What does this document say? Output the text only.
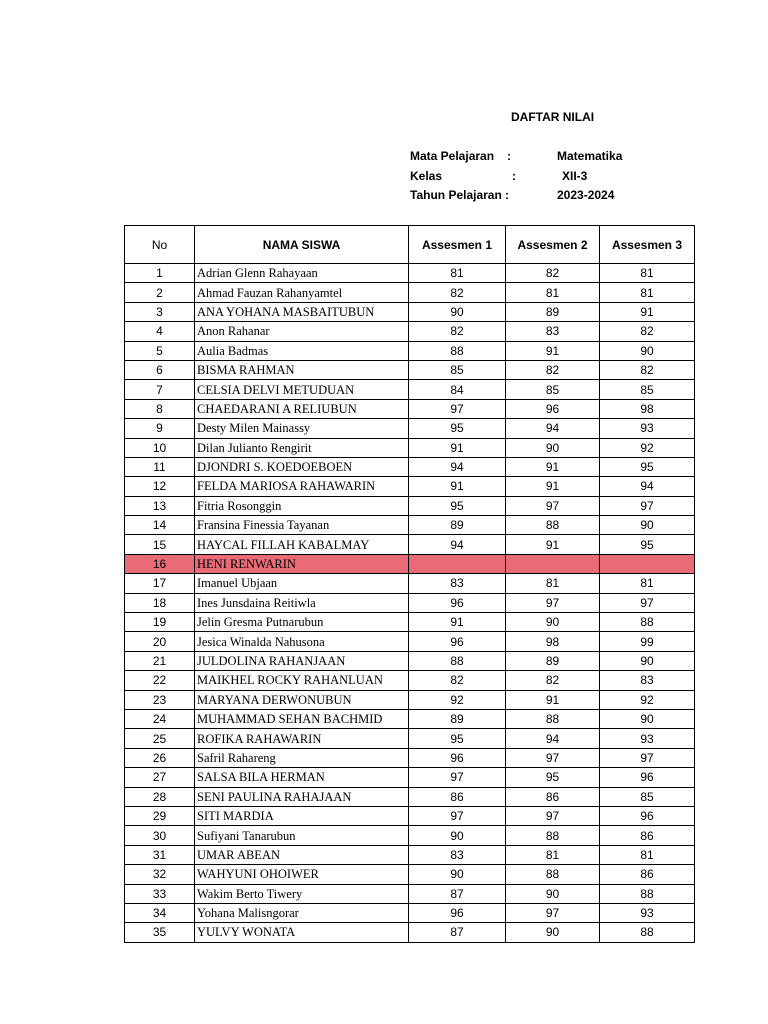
DAFTAR NILAI
Mata Pelajaran :	Matematika
Kelas	:	XII-3
Tahun Pelajaran :	2023-2024
No	NAMA SISWA	Assesmen 1	Assesmen 2	Assesmen 3
1	Adrian Glenn Rahayaan	81	82	81
2	Ahmad Fauzan Rahanyamtel	82	81	81
3	ANA YOHANA MASBAITUBUN	90	89	91
4	Anon Rahanar	82	83	82
5	Aulia Badmas	88	91	90
6	BISMA RAHMAN	85	82	82
7	CELSIA DELVI METUDUAN	84	85	85
8	CHAEDARANI A RELIUBUN	97	96	98
9	Desty Milen Mainassy	95	94	93
10	Dilan Julianto Rengirit	91	90	92
11	DJONDRI S. KOEDOEBOEN	94	91	95
12	FELDA MARIOSA RAHAWARIN	91	91	94
13	Fitria Rosonggin	95	97	97
14	Fransina Finessia Tayanan	89	88	90
15	HAYCAL FILLAH KABALMAY	94	91	95
16	HENI RENWARIN			
17	Imanuel Ubjaan	83	81	81
18	Ines Junsdaina Reitiwla	96	97	97
19	Jelin Gresma Putnarubun	91	90	88
20	Jesica Winalda Nahusona	96	98	99
21	JULDOLINA RAHANJAAN	88	89	90
22	MAIKHEL ROCKY RAHANLUAN	82	82	83
23	MARYANA DERWONUBUN	92	91	92
24	MUHAMMAD SEHAN BACHMID	89	88	90
25	ROFIKA RAHAWARIN	95	94	93
26	Safril Rahareng	96	97	97
27	SALSA BILA HERMAN	97	95	96
28	SENI PAULINA RAHAJAAN	86	86	85
29	SITI MARDIA	97	97	96
30	Sufiyani Tanarubun	90	88	86
31	UMAR ABEAN	83	81	81
32	WAHYUNI OHOIWER	90	88	86
33	Wakim Berto Tiwery	87	90	88
34	Yohana Malisngorar	96	97	93
35	YULVY WONATA	87	90	88
